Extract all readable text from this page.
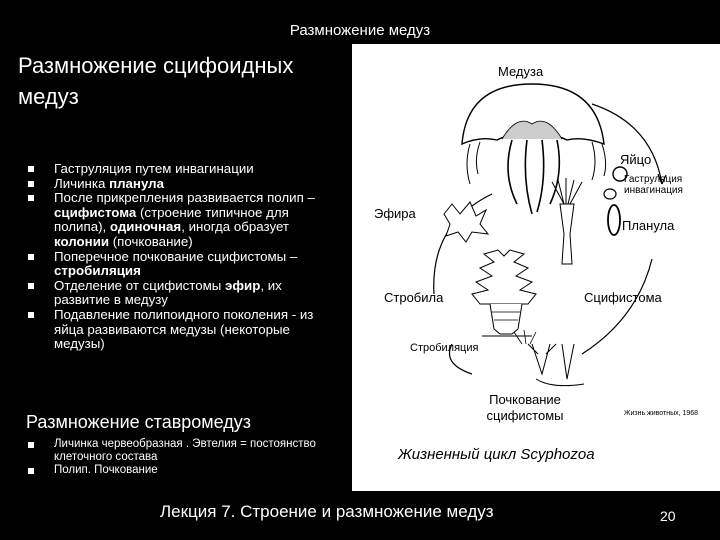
Размножение медуз
Размножение сцифоидных медуз
Гаструляция путем инвагинации
Личинка планула
После прикрепления развивается полип – сцифистома (строение типичное для полипа), одиночная, иногда образует колонии (почкование)
Поперечное почкование сцифистомы – стробиляция
Отделение от сцифистомы эфир, их развитие в медузу
Подавление полипоидного поколения - из яйца развиваются медузы (некоторые медузы)
Размножение ставромедуз
Личинка червеобразная . Эвтелия = постоянство клеточного состава
Полип. Почкование
Медуза
Яйцо
Гаструляция инвагинация
Эфира
Планула
Стробила	Сцифистома
Стробиляция
Почкование сцифистомы	Жизнь животных, 1968
Жизненный цикл Scyphozoa
Лекция 7. Строение и размножение медуз	20
